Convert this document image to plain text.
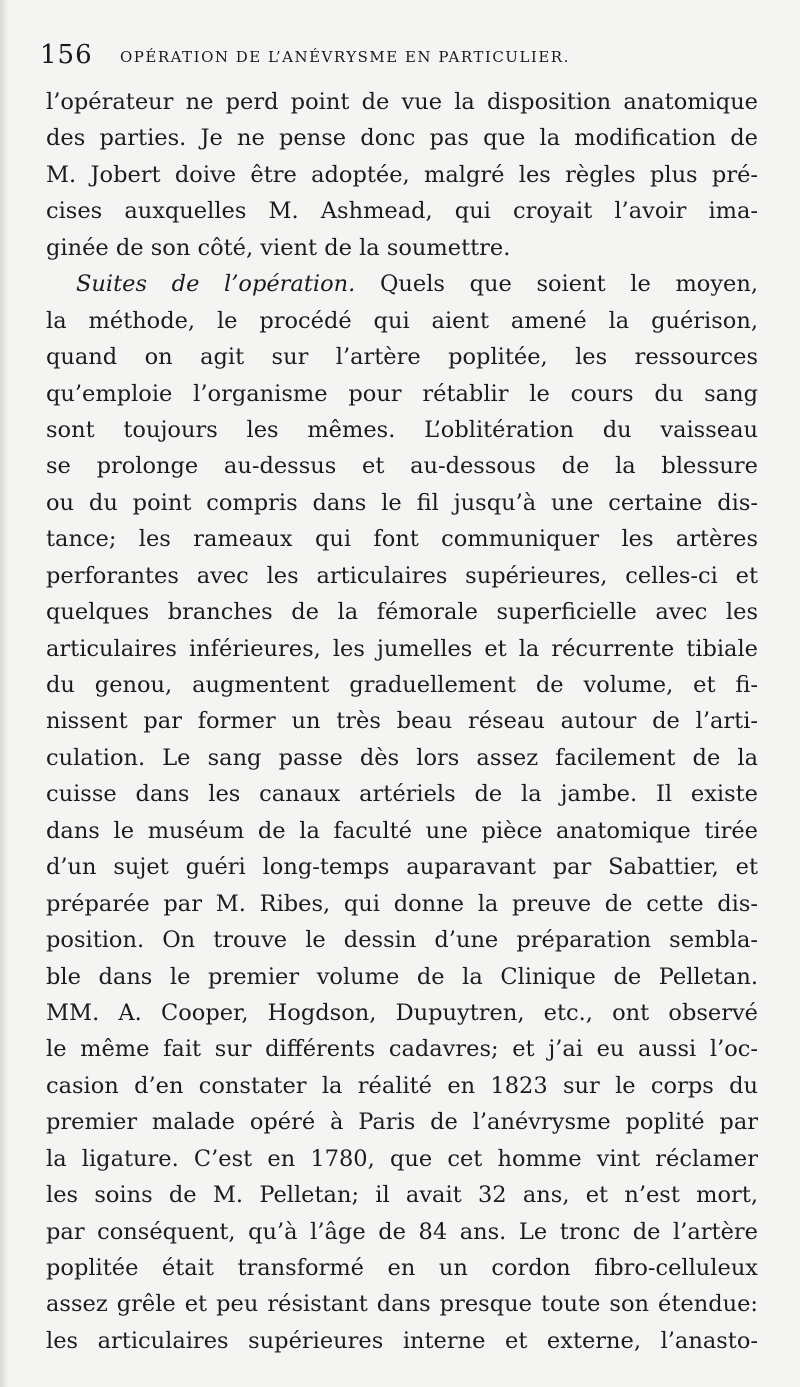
156 OPÉRATION DE L’ANÉVRYSME EN PARTICULIER.
l’opérateur ne perd point de vue la disposition anatomique
des parties. Je ne pense donc pas que la modification de
M. Jobert doive être adoptée, malgré les règles plus pré-
cises auxquelles M. Ashmead, qui croyait l’avoir ima-
ginée de son côté, vient de la soumettre.
Suites de l’opération. Quels que soient le moyen,
la méthode, le procédé qui aient amené la guérison,
quand on agit sur l’artère poplitée, les ressources
qu’emploie l’organisme pour rétablir le cours du sang
sont toujours les mêmes. L’oblitération du vaisseau
se prolonge au-dessus et au-dessous de la blessure
ou du point compris dans le fil jusqu’à une certaine dis-
tance; les rameaux qui font communiquer les artères
perforantes avec les articulaires supérieures, celles-ci et
quelques branches de la fémorale superficielle avec les
articulaires inférieures, les jumelles et la récurrente tibiale
du genou, augmentent graduellement de volume, et fi-
nissent par former un très beau réseau autour de l’arti-
culation. Le sang passe dès lors assez facilement de la
cuisse dans les canaux artériels de la jambe. Il existe
dans le muséum de la faculté une pièce anatomique tirée
d’un sujet guéri long-temps auparavant par Sabattier, et
préparée par M. Ribes, qui donne la preuve de cette dis-
position. On trouve le dessin d’une préparation sembla-
ble dans le premier volume de la Clinique de Pelletan.
MM. A. Cooper, Hogdson, Dupuytren, etc., ont observé
le même fait sur différents cadavres; et j’ai eu aussi l’oc-
casion d’en constater la réalité en 1823 sur le corps du
premier malade opéré à Paris de l’anévrysme poplité par
la ligature. C’est en 1780, que cet homme vint réclamer
les soins de M. Pelletan; il avait 32 ans, et n’est mort,
par conséquent, qu’à l’âge de 84 ans. Le tronc de l’artère
poplitée était transformé en un cordon fibro-celluleux
assez grêle et peu résistant dans presque toute son étendue:
les articulaires supérieures interne et externe, l’anasto-
